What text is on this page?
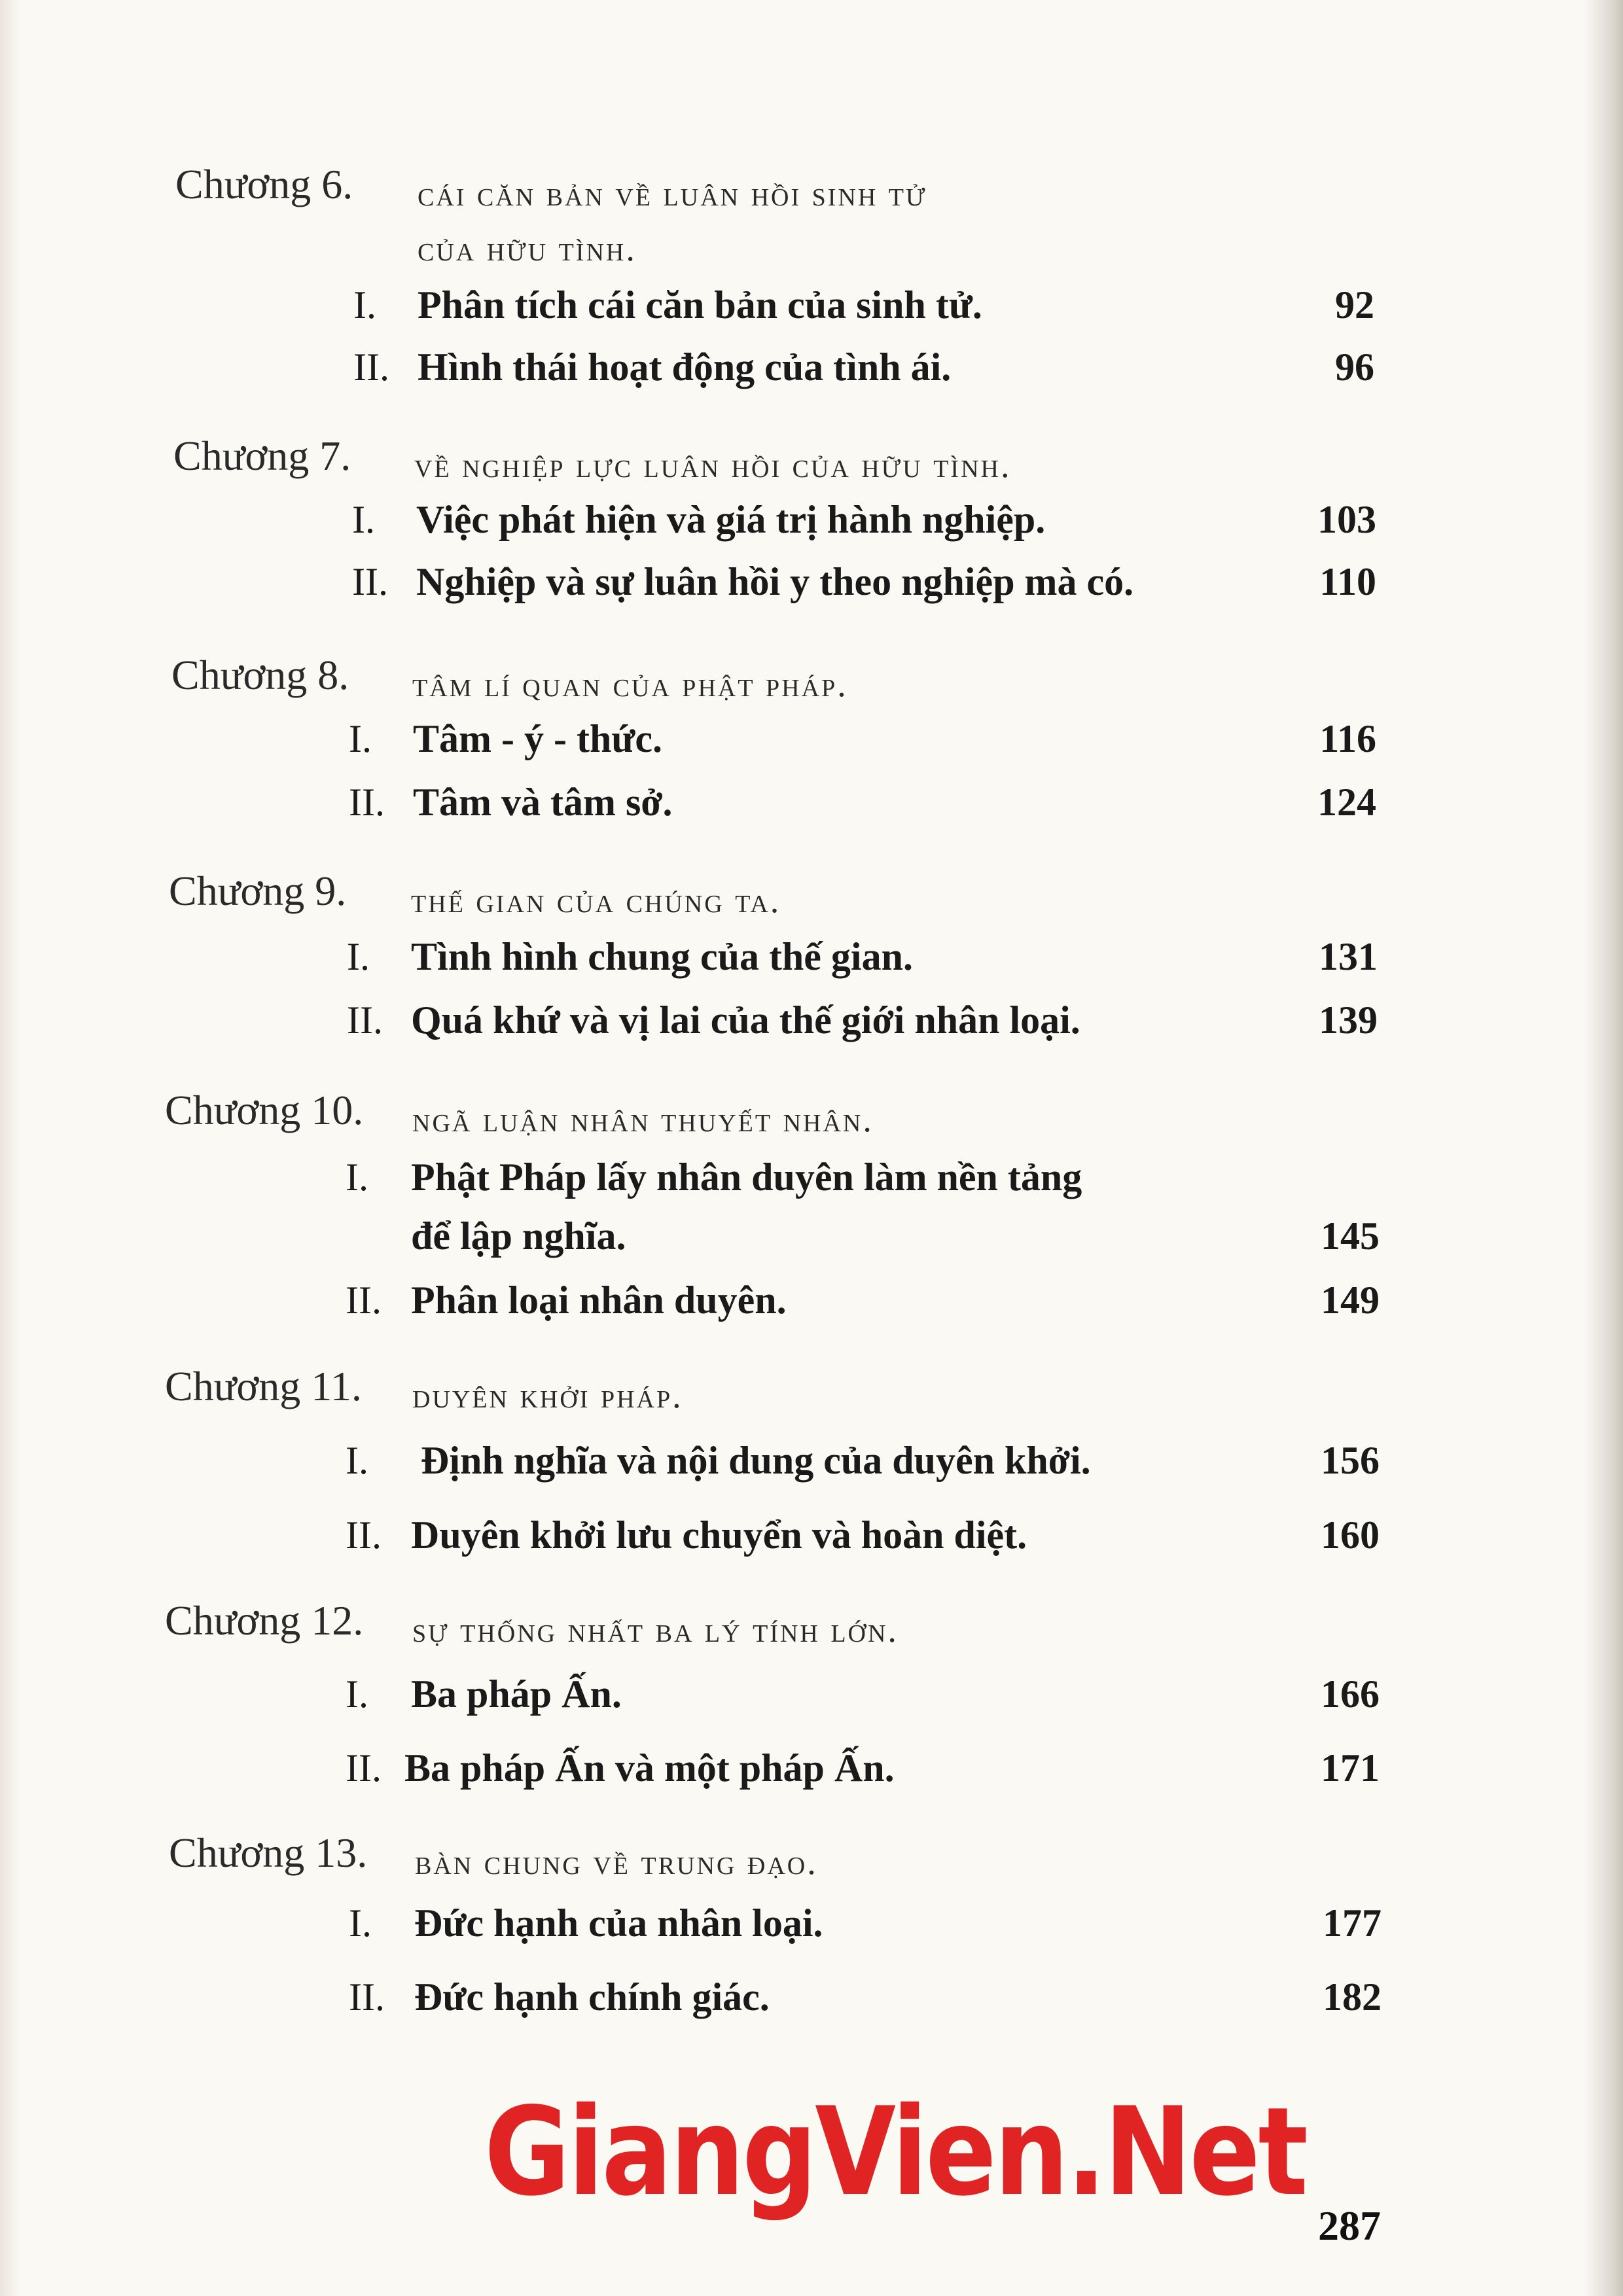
Chương 6. cái căn bản về luân hồi sinh tử
của hữu tình.
I. Phân tích cái căn bản của sinh tử.	92
II. Hình thái hoạt động của tình ái.	96
Chương 7. về nghiệp lực luân hồi của hữu tình.
I. Việc phát hiện và giá trị hành nghiệp.	103
II. Nghiệp và sự luân hồi y theo nghiệp mà có.	110
Chương 8. tâm lí quan của phật pháp.
I. Tâm - ý - thức.	116
II. Tâm và tâm sở.	124
Chương 9. thế gian của chúng ta.
I. Tình hình chung của thế gian.	131
II. Quá khứ và vị lai của thế giới nhân loại.	139
Chương 10. ngã luận nhân thuyết nhân.
I. Phật Pháp lấy nhân duyên làm nền tảng
để lập nghĩa.	145
II. Phân loại nhân duyên.	149
Chương 11. duyên khởi pháp.
I. Định nghĩa và nội dung của duyên khởi.	156
II. Duyên khởi lưu chuyển và hoàn diệt.	160
Chương 12. sự thống nhất ba lý tính lớn.
I. Ba pháp Ấn.	166
II. Ba pháp Ấn và một pháp Ấn.	171
Chương 13. bàn chung về trung đạo.
I. Đức hạnh của nhân loại.	177
II. Đức hạnh chính giác.	182
GiangVien.Net
287
